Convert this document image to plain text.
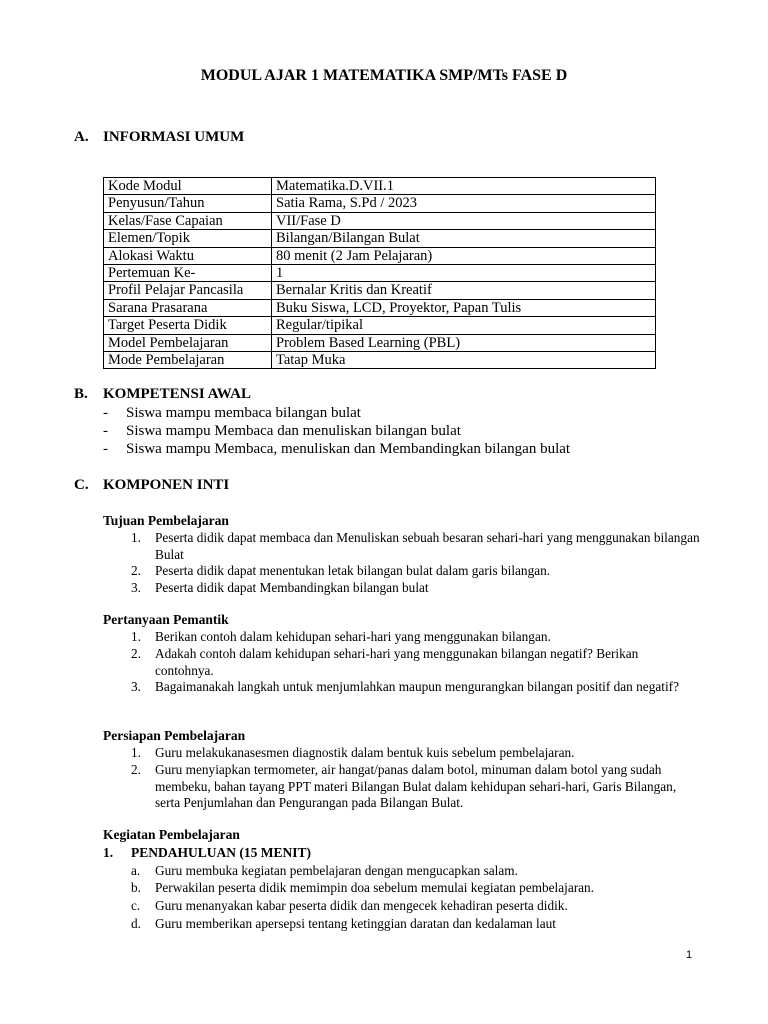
MODUL AJAR 1 MATEMATIKA SMP/MTs FASE D
A. INFORMASI UMUM
Kode Modul	Matematika.D.VII.1
Penyusun/Tahun	Satia Rama, S.Pd / 2023
Kelas/Fase Capaian	VII/Fase D
Elemen/Topik	Bilangan/Bilangan Bulat
Alokasi Waktu	80 menit (2 Jam Pelajaran)
Pertemuan Ke-	1
Profil Pelajar Pancasila	Bernalar Kritis dan Kreatif
Sarana Prasarana	Buku Siswa, LCD, Proyektor, Papan Tulis
Target Peserta Didik	Regular/tipikal
Model Pembelajaran	Problem Based Learning (PBL)
Mode Pembelajaran	Tatap Muka
B. KOMPETENSI AWAL
- Siswa mampu membaca bilangan bulat
- Siswa mampu Membaca dan menuliskan bilangan bulat
- Siswa mampu Membaca, menuliskan dan Membandingkan bilangan bulat
C. KOMPONEN INTI
Tujuan Pembelajaran
1. Peserta didik dapat membaca dan Menuliskan sebuah besaran sehari-hari yang menggunakan bilangan Bulat
2. Peserta didik dapat menentukan letak bilangan bulat dalam garis bilangan.
3. Peserta didik dapat Membandingkan bilangan bulat
Pertanyaan Pemantik
1. Berikan contoh dalam kehidupan sehari-hari yang menggunakan bilangan.
2. Adakah contoh dalam kehidupan sehari-hari yang menggunakan bilangan negatif? Berikan contohnya.
3. Bagaimanakah langkah untuk menjumlahkan maupun mengurangkan bilangan positif dan negatif?
Persiapan Pembelajaran
1. Guru melakukanasesmen diagnostik dalam bentuk kuis sebelum pembelajaran.
2. Guru menyiapkan termometer, air hangat/panas dalam botol, minuman dalam botol yang sudah membeku, bahan tayang PPT materi Bilangan Bulat dalam kehidupan sehari-hari, Garis Bilangan, serta Penjumlahan dan Pengurangan pada Bilangan Bulat.
Kegiatan Pembelajaran
1. PENDAHULUAN (15 MENIT)
a. Guru membuka kegiatan pembelajaran dengan mengucapkan salam.
b. Perwakilan peserta didik memimpin doa sebelum memulai kegiatan pembelajaran.
c. Guru menanyakan kabar peserta didik dan mengecek kehadiran peserta didik.
d. Guru memberikan apersepsi tentang ketinggian daratan dan kedalaman laut
1
